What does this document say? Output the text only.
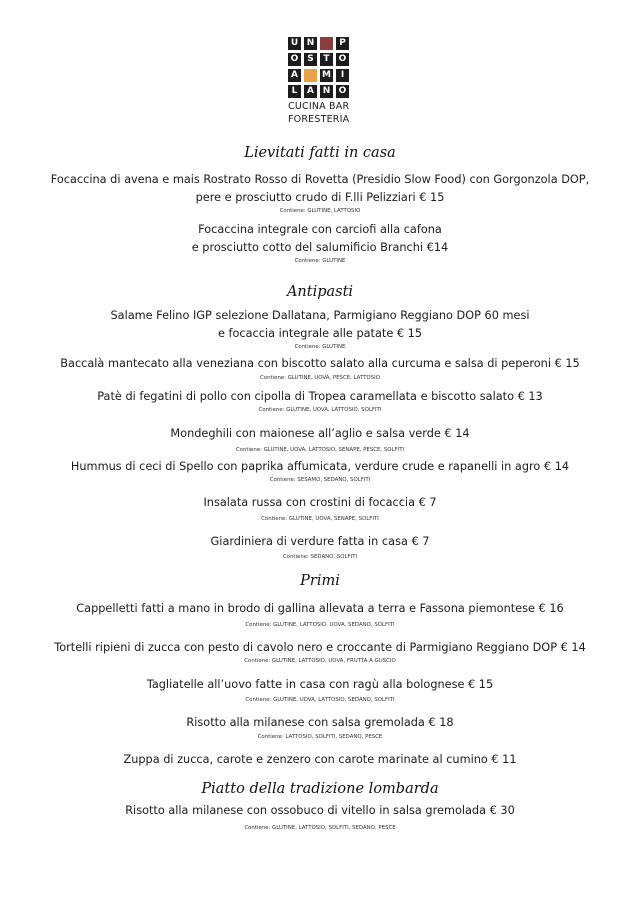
U N	P
O S	T	O
A	M	I
L	A N O
CUCINA BAR
FORESTERIA
Lievitati fatti in casa
Focaccina di avena e mais Rostrato Rosso di Rovetta (Presidio Slow Food) con Gorgonzola DOP,
pere e prosciutto crudo di F.lli Pelizziari € 15
Contiene: GLUTINE, LATTOSIO
Focaccina integrale con carciofi alla cafona
e prosciutto cotto del salumificio Branchi €14
Contiene: GLUTINE
Antipasti
Salame Felino IGP selezione Dallatana, Parmigiano Reggiano DOP 60 mesi
e focaccia integrale alle patate € 15
Contiene: GLUTINE
Baccalà mantecato alla veneziana con biscotto salato alla curcuma e salsa di peperoni € 15
Contiene: GLUTINE, UOVA, PESCE, LATTOSIO
Patè di fegatini di pollo con cipolla di Tropea caramellata e biscotto salato € 13
Contiene: GLUTINE, UOVA, LATTOSIO, SOLFITI
Mondeghili con maionese all’aglio e salsa verde € 14
Contiene: GLUTINE, UOVA, LATTOSIO, SENAPE, PESCE, SOLFITI
Hummus di ceci di Spello con paprika affumicata, verdure crude e rapanelli in agro € 14
Contiene: SESAMO, SEDANO, SOLFITI
Insalata russa con crostini di focaccia € 7
Contiene: GLUTINE, UOVA, SENAPE, SOLFITI
Giardiniera di verdure fatta in casa € 7
Contiene: SEDANO, SOLFITI
Primi
Cappelletti fatti a mano in brodo di gallina allevata a terra e Fassona piemontese € 16
Contiene: GLUTINE, LATTOSIO, UOVA, SEDANO, SOLFITI
Tortelli ripieni di zucca con pesto di cavolo nero e croccante di Parmigiano Reggiano DOP € 14
Contiene: GLUTINE, LATTOSIO, UOVA, FRUTTA A GUSCIO
Tagliatelle all’uovo fatte in casa con ragù alla bolognese € 15
Contiene: GLUTINE, UOVA, LATTOSIO, SEDANO, SOLFITI
Risotto alla milanese con salsa gremolada € 18
Contiene: LATTOSIO, SOLFITI, SEDANO, PESCE
Zuppa di zucca, carote e zenzero con carote marinate al cumino € 11
Piatto della tradizione lombarda
Risotto alla milanese con ossobuco di vitello in salsa gremolada € 30
Contiene: GLUTINE, LATTOSIO, SOLFITI, SEDANO, PESCE
